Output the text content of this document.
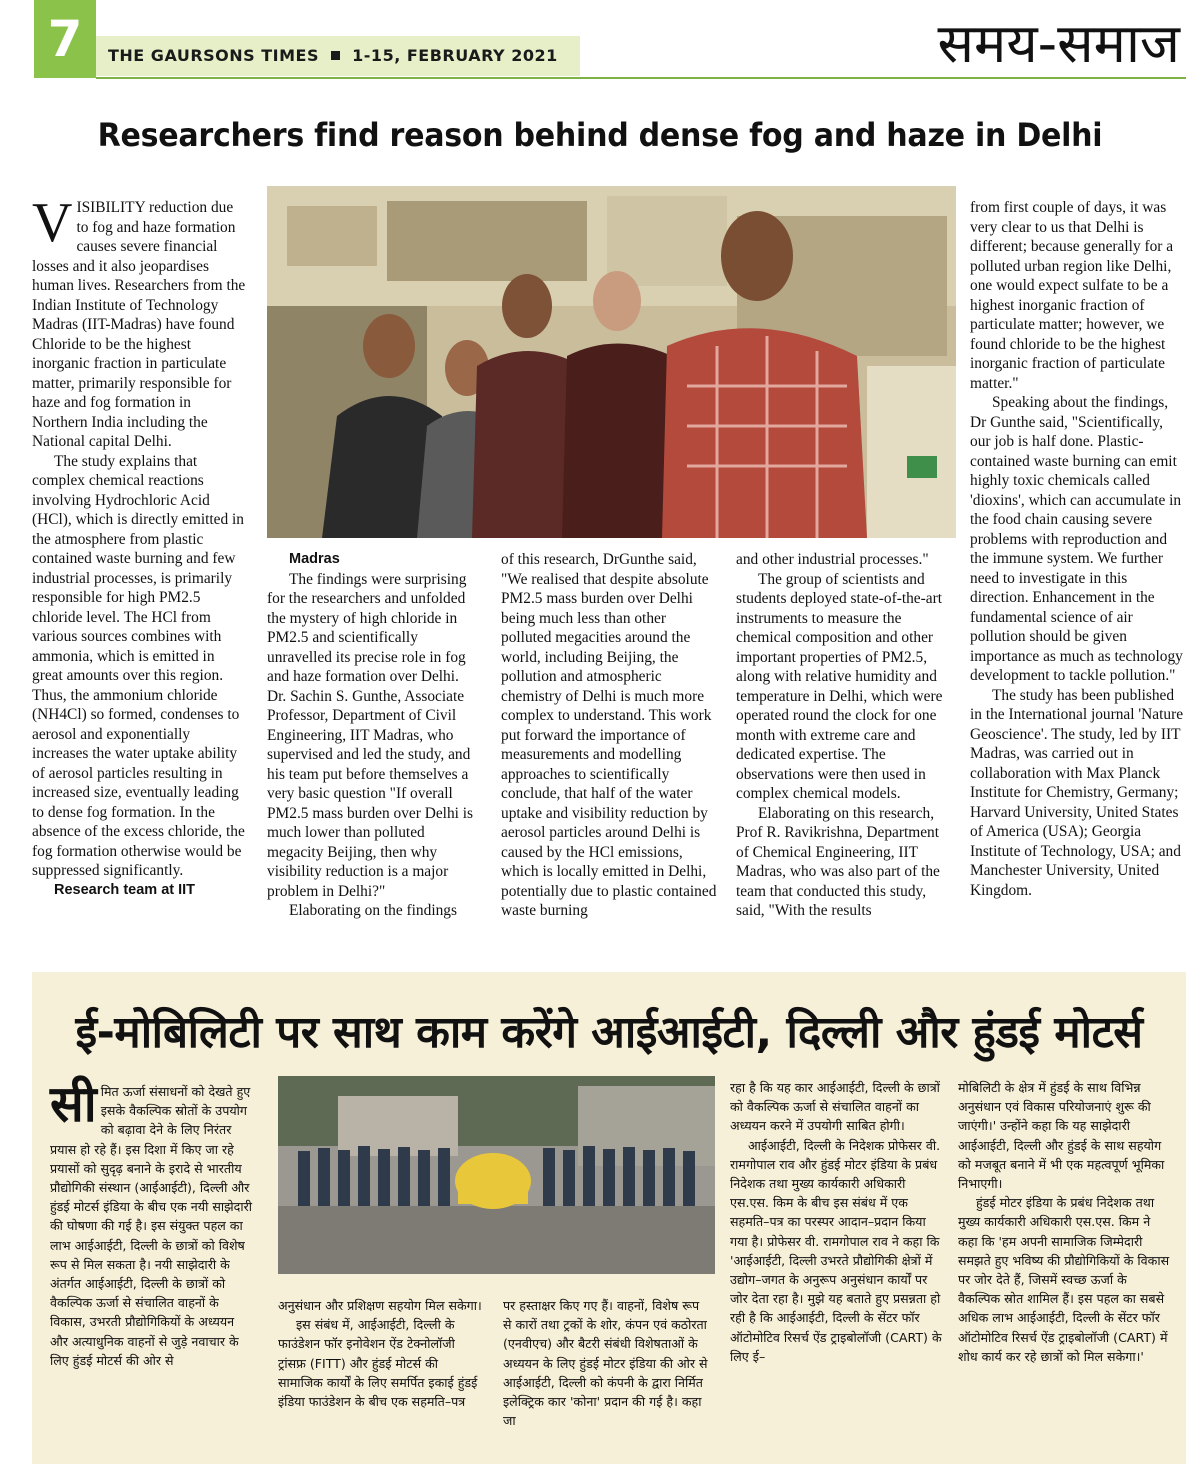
7	THE GAURSONS TIMES 1-15, FEBRUARY 2021	समय-समाज
Researchers find reason behind dense fog and haze in Delhi

VISIBILITY reduction due to fog and haze formation causes severe financial losses and it also jeopardises human lives. Researchers from the Indian Institute of Technology Madras (IIT-Madras) have found Chloride to be the highest inorganic fraction in particulate matter, primarily responsible for haze and fog formation in Northern India including the National capital Delhi.

The study explains that complex chemical reactions involving Hydrochloric Acid (HCl), which is directly emitted in the atmosphere from plastic contained waste burning and few industrial processes, is primarily responsible for high PM2.5 chloride level. The HCl from various sources combines with ammonia, which is emitted in great amounts over this region. Thus, the ammonium chloride (NH4Cl) so formed, condenses to aerosol and exponentially increases the water uptake ability of aerosol particles resulting in increased size, eventually leading to dense fog formation. In the absence of the excess chloride, the fog formation otherwise would be suppressed significantly.

Research team at IIT

Madras

The findings were surprising for the researchers and unfolded the mystery of high chloride in PM2.5 and scientifically unravelled its precise role in fog and haze formation over Delhi. Dr. Sachin S. Gunthe, Associate Professor, Department of Civil Engineering, IIT Madras, who supervised and led the study, and his team put before themselves a very basic question "If overall PM2.5 mass burden over Delhi is much lower than polluted megacity Beijing, then why visibility reduction is a major problem in Delhi?"

Elaborating on the findings

of this research, DrGunthe said, "We realised that despite absolute PM2.5 mass burden over Delhi being much less than other polluted megacities around the world, including Beijing, the pollution and atmospheric chemistry of Delhi is much more complex to understand. This work put forward the importance of measurements and modelling approaches to scientifically conclude, that half of the water uptake and visibility reduction by aerosol particles around Delhi is caused by the HCl emissions, which is locally emitted in Delhi, potentially due to plastic contained waste burning

and other industrial processes."

The group of scientists and students deployed state-of-the-art instruments to measure the chemical composition and other important properties of PM2.5, along with relative humidity and temperature in Delhi, which were operated round the clock for one month with extreme care and dedicated expertise. The observations were then used in complex chemical models.

Elaborating on this research, Prof R. Ravikrishna, Department of Chemical Engineering, IIT Madras, who was also part of the team that conducted this study, said, "With the results

from first couple of days, it was very clear to us that Delhi is different; because generally for a polluted urban region like Delhi, one would expect sulfate to be a highest inorganic fraction of particulate matter; however, we found chloride to be the highest inorganic fraction of particulate matter."

Speaking about the findings, Dr Gunthe said, "Scientifically, our job is half done. Plastic-contained waste burning can emit highly toxic chemicals called 'dioxins', which can accumulate in the food chain causing severe problems with reproduction and the immune system. We further need to investigate in this direction. Enhancement in the fundamental science of air pollution should be given importance as much as technology development to tackle pollution."

The study has been published in the International journal 'Nature Geoscience'. The study, led by IIT Madras, was carried out in collaboration with Max Planck Institute for Chemistry, Germany; Harvard University, United States of America (USA); Georgia Institute of Technology, USA; and Manchester University, United Kingdom.

ई-मोबिलिटी पर साथ काम करेंगे आईआईटी, दिल्ली और हुंडई मोटर्स

सीमित ऊर्जा संसाधनों को देखते हुए इसके वैकल्पिक स्रोतों के उपयोग को बढ़ावा देने के लिए निरंतर प्रयास हो रहे हैं। इस दिशा में किए जा रहे प्रयासों को सुदृढ़ बनाने के इरादे से भारतीय प्रौद्योगिकी संस्थान (आईआईटी), दिल्ली और हुंडई मोटर्स इंडिया के बीच एक नयी साझेदारी की घोषणा की गई है। इस संयुक्त पहल का लाभ आईआईटी, दिल्ली के छात्रों को विशेष रूप से मिल सकता है। नयी साझेदारी के अंतर्गत आईआईटी, दिल्ली के छात्रों को वैकल्पिक ऊर्जा से संचालित वाहनों के विकास, उभरती प्रौद्योगिकियों के अध्ययन और अत्याधुनिक वाहनों से जुड़े नवाचार के लिए हुंडई मोटर्स की ओर से

अनुसंधान और प्रशिक्षण सहयोग मिल सकेगा।

इस संबंध में, आईआईटी, दिल्ली के फाउंडेशन फॉर इनोवेशन ऐंड टेक्नोलॉजी ट्रांसफ्र (FITT) और हुंडई मोटर्स की सामाजिक कार्यों के लिए समर्पित इकाई हुंडई इंडिया फाउंडेशन के बीच एक सहमति–पत्र

पर हस्ताक्षर किए गए हैं। वाहनों, विशेष रूप से कारों तथा ट्रकों के शोर, कंपन एवं कठोरता (एनवीएच) और बैटरी संबंधी विशेषताओं के अध्ययन के लिए हुंडई मोटर इंडिया की ओर से आईआईटी, दिल्ली को कंपनी के द्वारा निर्मित इलेक्ट्रिक कार 'कोना' प्रदान की गई है। कहा जा

रहा है कि यह कार आईआईटी, दिल्ली के छात्रों को वैकल्पिक ऊर्जा से संचालित वाहनों का अध्ययन करने में उपयोगी साबित होगी।

आईआईटी, दिल्ली के निदेशक प्रोफेसर वी. रामगोपाल राव और हुंडई मोटर इंडिया के प्रबंध निदेशक तथा मुख्य कार्यकारी अधिकारी एस.एस. किम के बीच इस संबंध में एक सहमति–पत्र का परस्पर आदान–प्रदान किया गया है। प्रोफेसर वी. रामगोपाल राव ने कहा कि 'आईआईटी, दिल्ली उभरते प्रौद्योगिकी क्षेत्रों में उद्योग–जगत के अनुरूप अनुसंधान कार्यों पर जोर देता रहा है। मुझे यह बताते हुए प्रसन्नता हो रही है कि आईआईटी, दिल्ली के सेंटर फॉर ऑटोमोटिव रिसर्च ऐंड ट्राइबोलॉजी (CART) के लिए ई–

मोबिलिटी के क्षेत्र में हुंडई के साथ विभिन्न अनुसंधान एवं विकास परियोजनाएं शुरू की जाएंगी।' उन्होंने कहा कि यह साझेदारी आईआईटी, दिल्ली और हुंडई के साथ सहयोग को मजबूत बनाने में भी एक महत्वपूर्ण भूमिका निभाएगी।

हुंडई मोटर इंडिया के प्रबंध निदेशक तथा मुख्य कार्यकारी अधिकारी एस.एस. किम ने कहा कि 'हम अपनी सामाजिक जिम्मेदारी समझते हुए भविष्य की प्रौद्योगिकियों के विकास पर जोर देते हैं, जिसमें स्वच्छ ऊर्जा के वैकल्पिक स्रोत शामिल हैं। इस पहल का सबसे अधिक लाभ आईआईटी, दिल्ली के सेंटर फॉर ऑटोमोटिव रिसर्च ऐंड ट्राइबोलॉजी (CART) में शोध कार्य कर रहे छात्रों को मिल सकेगा।'
